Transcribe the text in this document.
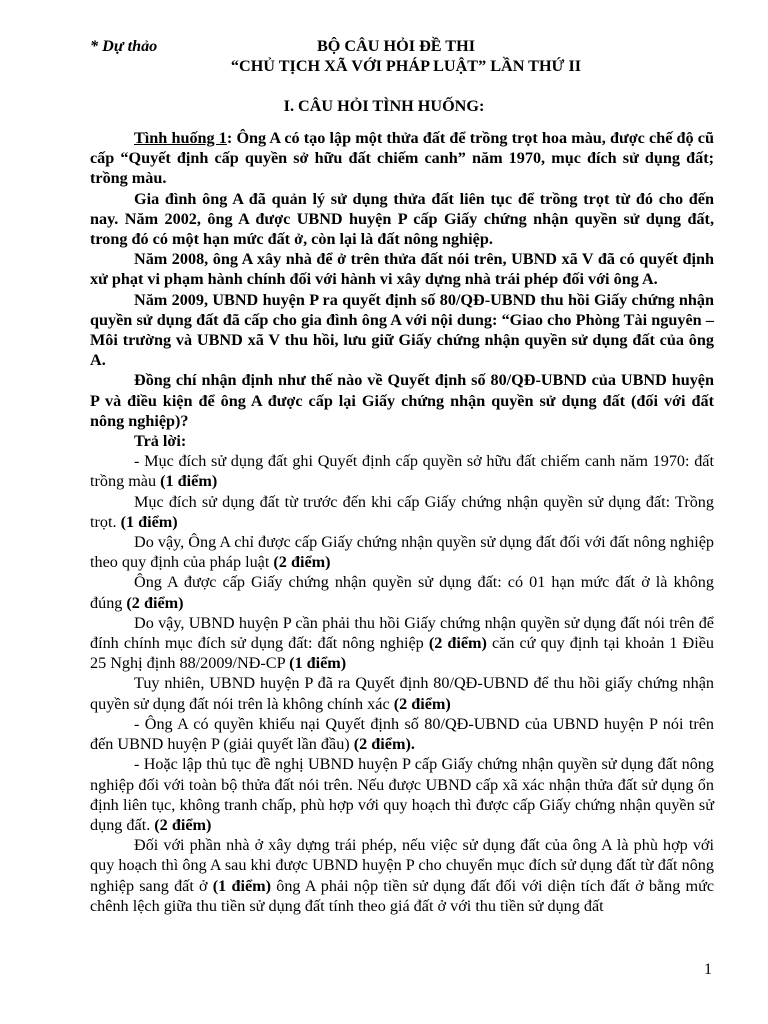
* Dự thảo	BỘ CÂU HỎI ĐỀ THI
“CHỦ TỊCH XÃ VỚI PHÁP LUẬT” LẦN THỨ II
I. CÂU HỎI TÌNH HUỐNG:

Tình huống 1: Ông A có tạo lập một thửa đất để trồng trọt hoa màu, được chế độ cũ cấp “Quyết định cấp quyền sở hữu đất chiếm canh” năm 1970, mục đích sử dụng đất; trồng màu.

Gia đình ông A đã quản lý sử dụng thửa đất liên tục để trồng trọt từ đó cho đến nay. Năm 2002, ông A được UBND huyện P cấp Giấy chứng nhận quyền sử dụng đất, trong đó có một hạn mức đất ở, còn lại là đất nông nghiệp.

Năm 2008, ông A xây nhà để ở trên thửa đất nói trên, UBND xã V đã có quyết định xử phạt vi phạm hành chính đối với hành vi xây dựng nhà trái phép đối với ông A.

Năm 2009, UBND huyện P ra quyết định số 80/QĐ-UBND thu hồi Giấy chứng nhận quyền sử dụng đất đã cấp cho gia đình ông A với nội dung: “Giao cho Phòng Tài nguyên –Môi trường và UBND xã V thu hồi, lưu giữ Giấy chứng nhận quyền sử dụng đất của ông A.

Đồng chí nhận định như thế nào về Quyết định số 80/QĐ-UBND của UBND huyện P và điều kiện để ông A được cấp lại Giấy chứng nhận quyền sử dụng đất (đối với đất nông nghiệp)?

Trả lời:

- Mục đích sử dụng đất ghi Quyết định cấp quyền sở hữu đất chiếm canh năm 1970: đất trồng màu (1 điểm)

Mục đích sử dụng đất từ trước đến khi cấp Giấy chứng nhận quyền sử dụng đất: Trồng trọt. (1 điểm)

Do vậy, Ông A chỉ được cấp Giấy chứng nhận quyền sử dụng đất đối với đất nông nghiệp theo quy định của pháp luật (2 điểm)

Ông A được cấp Giấy chứng nhận quyền sử dụng đất: có 01 hạn mức đất ở là không đúng (2 điểm)

Do vậy, UBND huyện P cần phải thu hồi Giấy chứng nhận quyền sử dụng đất nói trên để đính chính mục đích sử dụng đất: đất nông nghiệp (2 điểm) căn cứ quy định tại khoản 1 Điều 25 Nghị định 88/2009/NĐ-CP (1 điểm)

Tuy nhiên, UBND huyện P đã ra Quyết định 80/QĐ-UBND để thu hồi giấy chứng nhận quyền sử dụng đất nói trên là không chính xác (2 điểm)

- Ông A có quyền khiếu nại Quyết định số 80/QĐ-UBND của UBND huyện P nói trên đến UBND huyện P (giải quyết lần đầu) (2 điểm).

- Hoặc lập thủ tục đề nghị UBND huyện P cấp Giấy chứng nhận quyền sử dụng đất nông nghiệp đối với toàn bộ thửa đất nói trên. Nếu được UBND cấp xã xác nhận thửa đất sử dụng ổn định liên tục, không tranh chấp, phù hợp với quy hoạch thì được cấp Giấy chứng nhận quyền sử dụng đất. (2 điểm)

Đối với phần nhà ở xây dựng trái phép, nếu việc sử dụng đất của ông A là phù hợp với quy hoạch thì ông A sau khi được UBND huyện P cho chuyển mục đích sử dụng đất từ đất nông nghiệp sang đất ở (1 điểm) ông A phải nộp tiền sử dụng đất đối với diện tích đất ở bằng mức chênh lệch giữa thu tiền sử dụng đất tính theo giá đất ở với thu tiền sử dụng đất

1
